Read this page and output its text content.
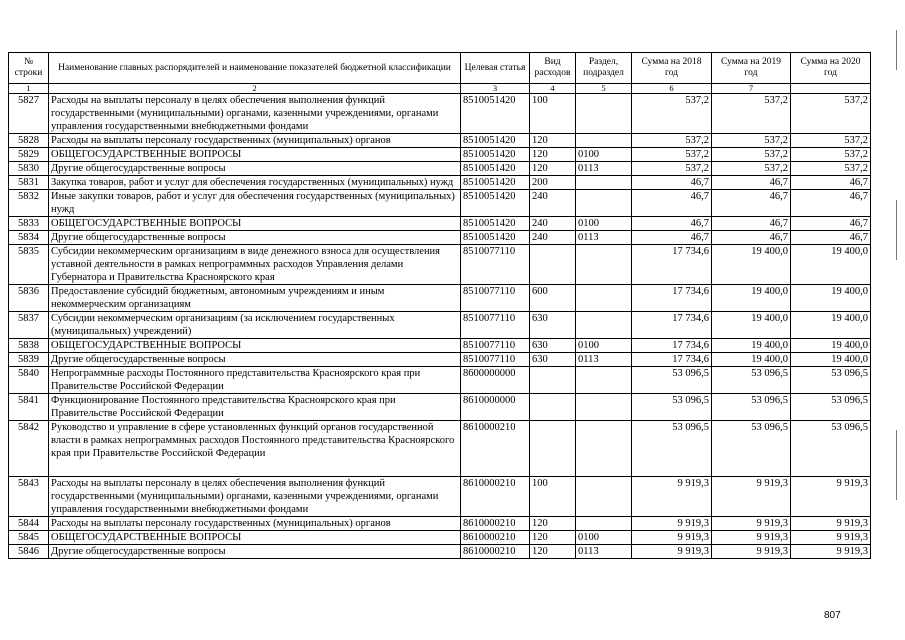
№ строки	Наименование главных распорядителей и наименование показателей бюджетной классификации	Целевая статья	Вид расходов	Раздел, подраздел	Сумма на 2018 год	Сумма на 2019 год	Сумма на 2020 год
1	2	3	4	5	6	7	
5827	Расходы на выплаты персоналу в целях обеспечения выполнения функций государственными (муниципальными) органами, казенными учреждениями, органами управления государственными внебюджетными фондами	8510051420	100		537,2	537,2	537,2
5828	Расходы на выплаты персоналу государственных (муниципальных) органов	8510051420	120		537,2	537,2	537,2
5829	ОБЩЕГОСУДАРСТВЕННЫЕ ВОПРОСЫ	8510051420	120	0100	537,2	537,2	537,2
5830	Другие общегосударственные вопросы	8510051420	120	0113	537,2	537,2	537,2
5831	Закупка товаров, работ и услуг для обеспечения государственных (муниципальных) нужд	8510051420	200		46,7	46,7	46,7
5832	Иные закупки товаров, работ и услуг для обеспечения государственных (муниципальных) нужд	8510051420	240		46,7	46,7	46,7
5833	ОБЩЕГОСУДАРСТВЕННЫЕ ВОПРОСЫ	8510051420	240	0100	46,7	46,7	46,7
5834	Другие общегосударственные вопросы	8510051420	240	0113	46,7	46,7	46,7
5835	Субсидии некоммерческим организациям в виде денежного взноса для осуществления уставной деятельности в рамках непрограммных расходов Управления делами Губернатора и Правительства Красноярского края	8510077110			17 734,6	19 400,0	19 400,0
5836	Предоставление субсидий бюджетным, автономным учреждениям и иным некоммерческим организациям	8510077110	600		17 734,6	19 400,0	19 400,0
5837	Субсидии некоммерческим организациям (за исключением государственных (муниципальных) учреждений)	8510077110	630		17 734,6	19 400,0	19 400,0
5838	ОБЩЕГОСУДАРСТВЕННЫЕ ВОПРОСЫ	8510077110	630	0100	17 734,6	19 400,0	19 400,0
5839	Другие общегосударственные вопросы	8510077110	630	0113	17 734,6	19 400,0	19 400,0
5840	Непрограммные расходы Постоянного представительства Красноярского края при Правительстве Российской Федерации	8600000000			53 096,5	53 096,5	53 096,5
5841	Функционирование Постоянного представительства Красноярского края при Правительстве Российской Федерации	8610000000			53 096,5	53 096,5	53 096,5
5842	Руководство и управление в сфере установленных функций органов государственной власти в рамках непрограммных расходов Постоянного представительства Красноярского края при Правительстве Российской Федерации	8610000210			53 096,5	53 096,5	53 096,5
5843	Расходы на выплаты персоналу в целях обеспечения выполнения функций государственными (муниципальными) органами, казенными учреждениями, органами управления государственными внебюджетными фондами	8610000210	100		9 919,3	9 919,3	9 919,3
5844	Расходы на выплаты персоналу государственных (муниципальных) органов	8610000210	120		9 919,3	9 919,3	9 919,3
5845	ОБЩЕГОСУДАРСТВЕННЫЕ ВОПРОСЫ	8610000210	120	0100	9 919,3	9 919,3	9 919,3
5846	Другие общегосударственные вопросы	8610000210	120	0113	9 919,3	9 919,3	9 919,3
807
